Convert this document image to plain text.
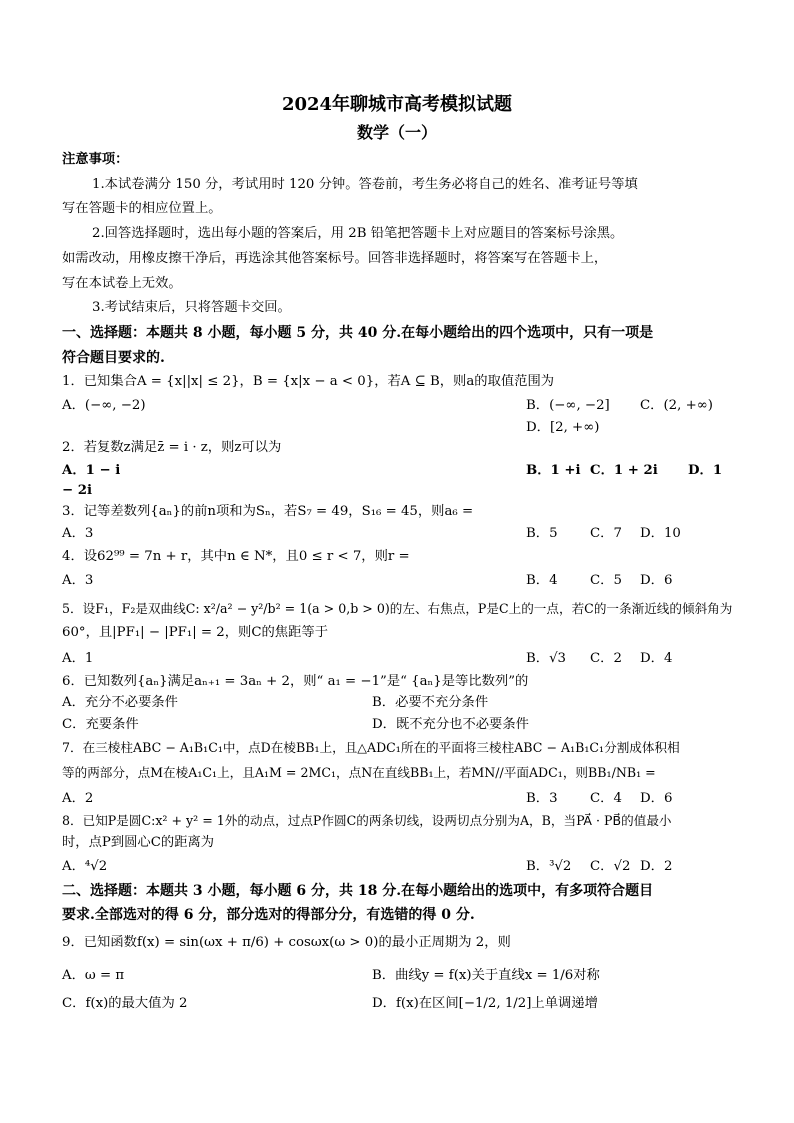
2024年聊城市高考模拟试题
数学（一）
注意事项：
1.本试卷满分 150 分，考试用时 120 分钟。答卷前，考生务必将自己的姓名、准考证号等填
写在答题卡的相应位置上。
2.回答选择题时，选出每小题的答案后，用 2B 铅笔把答题卡上对应题目的答案标号涂黑。
如需改动，用橡皮擦干净后，再选涂其他答案标号。回答非选择题时，将答案写在答题卡上，
写在本试卷上无效。
3.考试结束后，只将答题卡交回。
一、选择题：本题共 8 小题，每小题 5 分，共 40 分.在每小题给出的四个选项中，只有一项是
符合题目要求的.
1．已知集合A = {x||x| ≤ 2}，B = {x|x − a < 0}，若A ⊆ B，则a的取值范围为
A．(−∞, −2)	B．(−∞, −2] C．(2, +∞)
D．[2, +∞)
2．若复数z满足z̄ = i · z，则z可以为
A．1 − i	B．1 +i C．1 + 2i D．1
− 2i
3．记等差数列{aₙ}的前n项和为Sₙ，若S₇ = 49，S₁₆ = 45，则a₆ =
A．3	B．5 C．7 D．10
4．设62⁹⁹ = 7n + r，其中n ∈ N*，且0 ≤ r < 7，则r =
A．3	B．4 C．5 D．6
5．设F₁，F₂是双曲线C: x²/a² − y²/b² = 1(a > 0,b > 0)的左、右焦点，P是C上的一点，若C的一条渐近线的倾斜角为
60°，且|PF₁| − |PF₁| = 2，则C的焦距等于
A．1	B．√3 C．2 D．4
6．已知数列{aₙ}满足aₙ₊₁ = 3aₙ + 2，则“ a₁ = −1”是“ {aₙ}是等比数列”的
A．充分不必要条件	B．必要不充分条件
C．充要条件	D．既不充分也不必要条件
7．在三棱柱ABC − A₁B₁C₁中，点D在棱BB₁上，且△ADC₁所在的平面将三棱柱ABC − A₁B₁C₁分割成体积相
等的两部分，点M在棱A₁C₁上，且A₁M = 2MC₁，点N在直线BB₁上，若MN//平面ADC₁，则BB₁/NB₁ =
A．2	B．3 C．4 D．6
8．已知P是圆C:x² + y² = 1外的动点，过点P作圆C的两条切线，设两切点分别为A，B，当PA⃗ · PB⃗的值最小
时，点P到圆心C的距离为
A．⁴√2	B．³√2 C．√2 D．2
二、选择题：本题共 3 小题，每小题 6 分，共 18 分.在每小题给出的选项中，有多项符合题目
要求.全部选对的得 6 分，部分选对的得部分分，有选错的得 0 分.
9．已知函数f(x) = sin(ωx + π/6) + cosωx(ω > 0)的最小正周期为 2，则
A．ω = π	B．曲线y = f(x)关于直线x = 1/6对称
C．f(x)的最大值为 2	D．f(x)在区间[−1/2, 1/2]上单调递增
